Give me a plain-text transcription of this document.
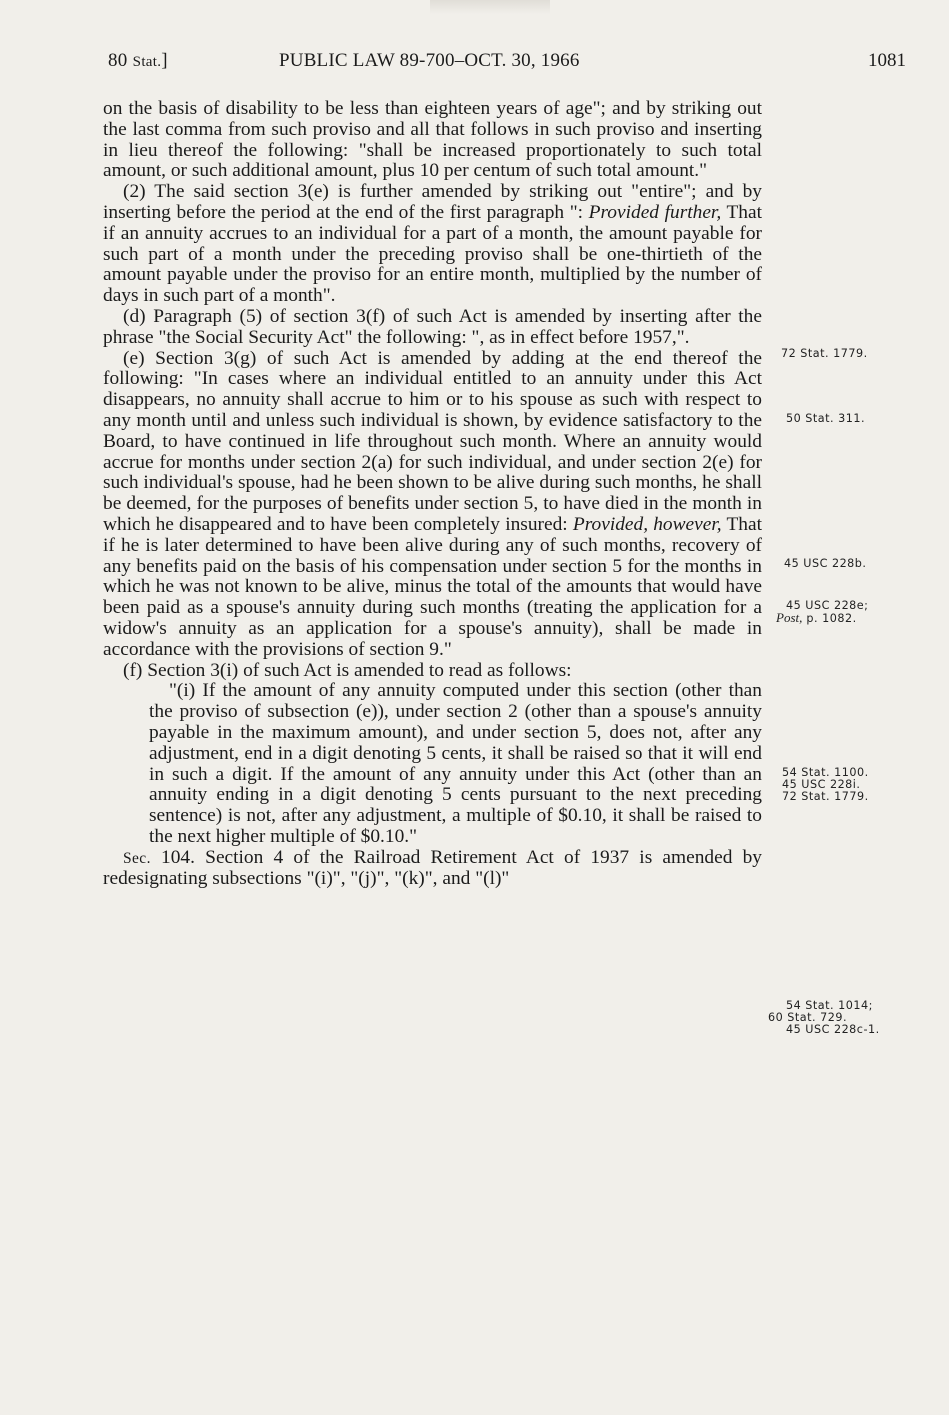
80 Stat.]	PUBLIC LAW 89-700–OCT. 30, 1966	1081

on the basis of disability to be less than eighteen years of age"; and by striking out the last comma from such proviso and all that follows in such proviso and inserting in lieu thereof the following: "shall be increased proportionately to such total amount, or such additional amount, plus 10 per centum of such total amount."

(2) The said section 3(e) is further amended by striking out "entire"; and by inserting before the period at the end of the first paragraph ": Provided further, That if an annuity accrues to an individual for a part of a month, the amount payable for such part of a month under the preceding proviso shall be one-thirtieth of the amount payable under the proviso for an entire month, multiplied by the number of days in such part of a month".

(d) Paragraph (5) of section 3(f) of such Act is amended by inserting after the phrase "the Social Security Act" the following: ", as in effect before 1957,".

(e) Section 3(g) of such Act is amended by adding at the end thereof the following: "In cases where an individual entitled to an annuity under this Act disappears, no annuity shall accrue to him or to his spouse as such with respect to any month until and unless such individual is shown, by evidence satisfactory to the Board, to have continued in life throughout such month. Where an annuity would accrue for months under section 2(a) for such individual, and under section 2(e) for such individual's spouse, had he been shown to be alive during such months, he shall be deemed, for the purposes of benefits under section 5, to have died in the month in which he disappeared and to have been completely insured: Provided, however, That if he is later determined to have been alive during any of such months, recovery of any benefits paid on the basis of his compensation under section 5 for the months in which he was not known to be alive, minus the total of the amounts that would have been paid as a spouse's annuity during such months (treating the application for a widow's annuity as an application for a spouse's annuity), shall be made in accordance with the provisions of section 9."

(f) Section 3(i) of such Act is amended to read as follows:

"(i) If the amount of any annuity computed under this section (other than the proviso of subsection (e)), under section 2 (other than a spouse's annuity payable in the maximum amount), and under section 5, does not, after any adjustment, end in a digit denoting 5 cents, it shall be raised so that it will end in such a digit. If the amount of any annuity under this Act (other than an annuity ending in a digit denoting 5 cents pursuant to the next preceding sentence) is not, after any adjustment, a multiple of $0.10, it shall be raised to the next higher multiple of $0.10."

Sec. 104. Section 4 of the Railroad Retirement Act of 1937 is amended by redesignating subsections "(i)", "(j)", "(k)", and "(l)"

72 Stat. 1779.
50 Stat. 311.
45 USC 228b.
45 USC 228e;
Post, p. 1082.
54 Stat. 1100.
45 USC 228i.
72 Stat. 1779.
54 Stat. 1014;
60 Stat. 729.
45 USC 228c-1.
